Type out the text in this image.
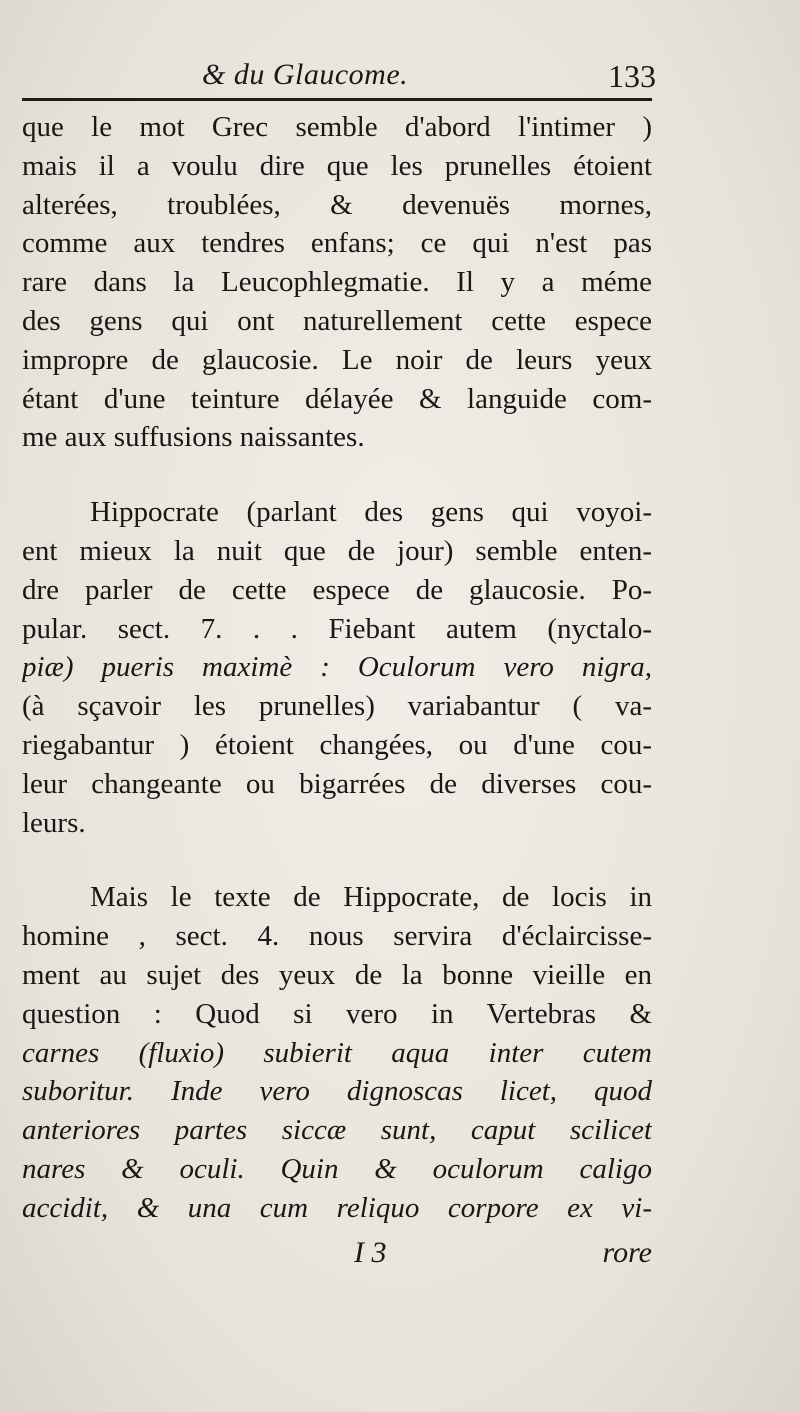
& du Glaucome.	133
que le mot Grec semble d'abord l'intimer )
mais il a voulu dire que les prunelles étoient
alterées, troublées, & devenuës mornes,
comme aux tendres enfans; ce qui n'est pas
rare dans la Leucophlegmatie. Il y a méme
des gens qui ont naturellement cette espece
impropre de glaucosie. Le noir de leurs yeux
étant d'une teinture délayée & languide com-
me aux suffusions naissantes.
Hippocrate (parlant des gens qui voyoi-
ent mieux la nuit que de jour) semble enten-
dre parler de cette espece de glaucosie. Po-
pular. sect. 7. . . Fiebant autem (nyctalo-
piæ) pueris maximè : Oculorum vero nigra,
(à sçavoir les prunelles) variabantur ( va-
riegabantur ) étoient changées, ou d'une cou-
leur changeante ou bigarrées de diverses cou-
leurs.
Mais le texte de Hippocrate, de locis in
homine , sect. 4. nous servira d'éclaircisse-
ment au sujet des yeux de la bonne vieille en
question : Quod si vero in Vertebras &
carnes (fluxio) subierit aqua inter cutem
suboritur. Inde vero dignoscas licet, quod
anteriores partes siccæ sunt, caput scilicet
nares & oculi. Quin & oculorum caligo
accidit, & una cum reliquo corpore ex vi-
I 3	rore
